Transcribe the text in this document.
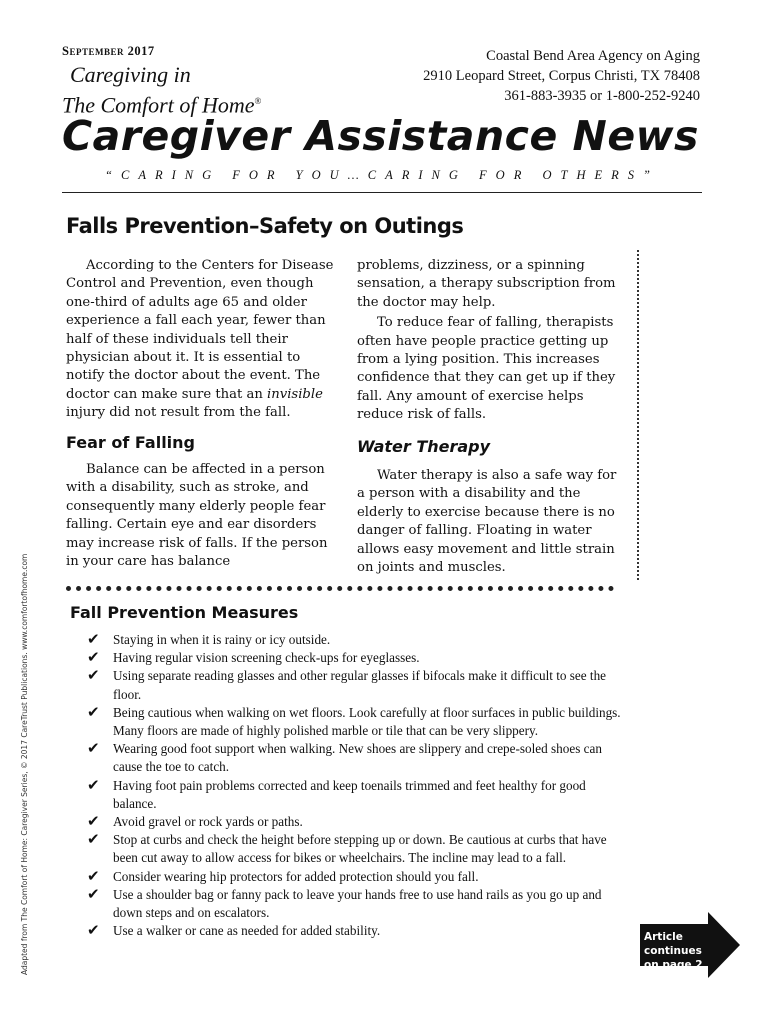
September 2017
Caregiving in
The Comfort of Home®
Coastal Bend Area Agency on Aging
2910 Leopard Street, Corpus Christi, TX 78408
361-883-3935 or 1-800-252-9240
Caregiver Assistance News
“CARING FOR YOU…CARING FOR OTHERS”
Falls Prevention–Safety on Outings

According to the Centers for Disease Control and Prevention, even though one-third of adults age 65 and older experience a fall each year, fewer than half of these individuals tell their physician about it. It is essential to notify the doctor about the event. The doctor can make sure that an invisible injury did not result from the fall.

Fear of Falling

Balance can be affected in a person with a disability, such as stroke, and consequently many elderly people fear falling. Certain eye and ear disorders may increase risk of falls. If the person in your care has balance

problems, dizziness, or a spinning sensation, a therapy subscription from the doctor may help.

To reduce fear of falling, therapists often have people practice getting up from a lying position. This increases confidence that they can get up if they fall. Any amount of exercise helps reduce risk of falls.

Water Therapy

Water therapy is also a safe way for a person with a disability and the elderly to exercise because there is no danger of falling. Floating in water allows easy movement and little strain on joints and muscles.

Fall Prevention Measures
✔ Staying in when it is rainy or icy outside.
✔ Having regular vision screening check-ups for eyeglasses.
✔ Using separate reading glasses and other regular glasses if bifocals make it difficult to see the floor.
✔ Being cautious when walking on wet floors. Look carefully at floor surfaces in public buildings. Many floors are made of highly polished marble or tile that can be very slippery.
✔ Wearing good foot support when walking. New shoes are slippery and crepe-soled shoes can cause the toe to catch.
✔ Having foot pain problems corrected and keep toenails trimmed and feet healthy for good balance.
✔ Avoid gravel or rock yards or paths.
✔ Stop at curbs and check the height before stepping up or down. Be cautious at curbs that have been cut away to allow access for bikes or wheelchairs. The incline may lead to a fall.
✔ Consider wearing hip protectors for added protection should you fall.
✔ Use a shoulder bag or fanny pack to leave your hands free to use hand rails as you go up and down steps and on escalators.
✔ Use a walker or cane as needed for added stability.
Adapted from The Comfort of Home: Caregiver Series, © 2017 CareTrust Publications. www.comfortofhome.com	Article continues
on page 2
